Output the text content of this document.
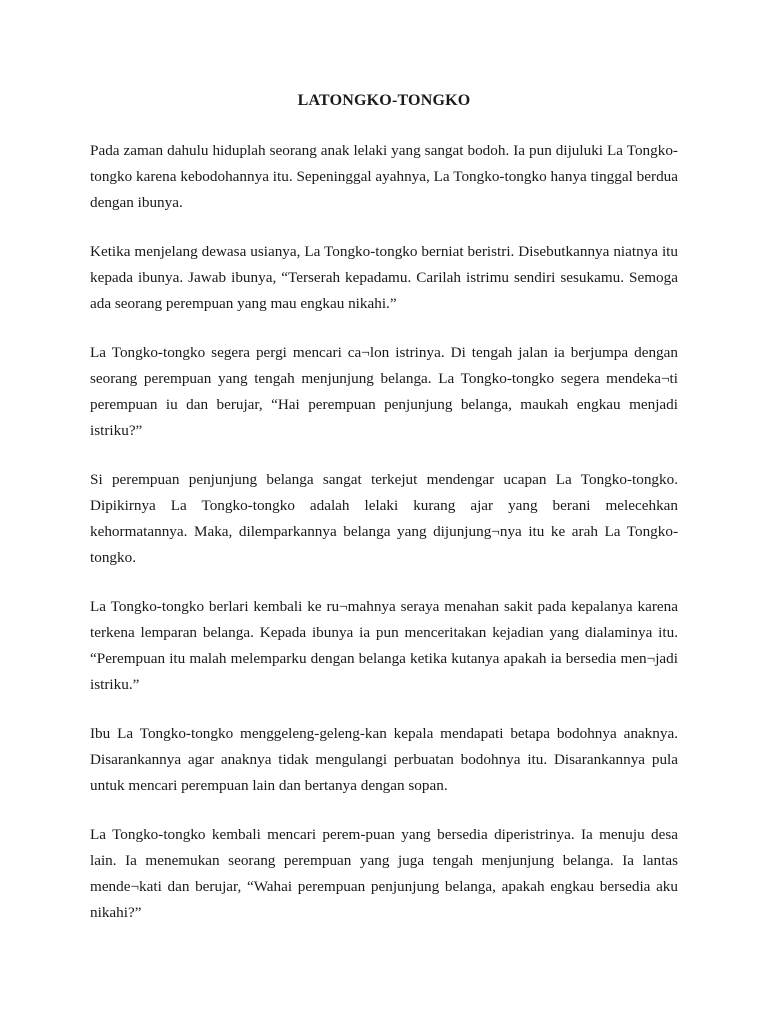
LATONGKO-TONGKO

Pada zaman dahulu hiduplah seorang anak lelaki yang sangat bodoh. Ia pun dijuluki La Tongko-tongko karena kebodohannya itu. Sepeninggal ayahnya, La Tongko-tongko hanya tinggal berdua dengan ibunya.

Ketika menjelang dewasa usianya, La Tongko-tongko berniat beristri. Disebutkannya niatnya itu kepada ibunya. Jawab ibunya, “Terserah kepadamu. Carilah istrimu sendiri sesukamu. Semoga ada seorang perempuan yang mau engkau nikahi.”

La Tongko-tongko segera pergi mencari ca¬lon istrinya. Di tengah jalan ia berjumpa dengan seorang perempuan yang tengah menjunjung belanga. La Tongko-tongko segera mendeka¬ti perempuan iu dan berujar, “Hai perempuan penjunjung belanga, maukah engkau menjadi istriku?”

Si perempuan penjunjung belanga sangat terkejut mendengar ucapan La Tongko-tongko. Dipikirnya La Tongko-tongko adalah lelaki kurang ajar yang berani melecehkan kehormatannya. Maka, dilemparkannya belanga yang dijunjung¬nya itu ke arah La Tongko-tongko.

La Tongko-tongko berlari kembali ke ru¬mahnya seraya menahan sakit pada kepalanya karena terkena lemparan belanga. Kepada ibunya ia pun menceritakan kejadian yang dialaminya itu. “Perempuan itu malah melemparku dengan belanga ketika kutanya apakah ia bersedia men¬jadi istriku.”

Ibu La Tongko-tongko menggeleng-geleng-kan kepala mendapati betapa bodohnya anaknya. Disarankannya agar anaknya tidak mengulangi perbuatan bodohnya itu. Disarankannya pula untuk mencari perempuan lain dan bertanya dengan sopan.

La Tongko-tongko kembali mencari perem-puan yang bersedia diperistrinya. Ia menuju desa lain. Ia menemukan seorang perempuan yang juga tengah menjunjung belanga. Ia lantas mende¬kati dan berujar, “Wahai perempuan penjunjung belanga, apakah engkau bersedia aku nikahi?”
